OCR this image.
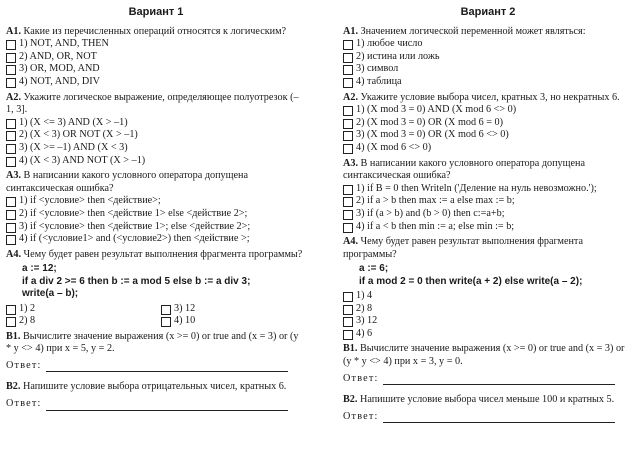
Вариант 1
А1. Какие из перечисленных операций относятся к логическим?
1) NOT, AND, THEN
2) AND, OR, NOT
3) OR, MOD, AND
4) NOT, AND, DIV
А2. Укажите логическое выражение, определяющее полуотрезок (–1, 3].
1) (X <= 3) AND (X > –1)
2) (X < 3) OR NOT (X > –1)
3) (X >= –1) AND (X < 3)
4) (X < 3) AND NOT (X > –1)
А3. В написании какого условного оператора допущена синтаксическая ошибка?
1) if <условие> then <действие>;
2) if <условие> then <действие 1> else <действие 2>;
3) if <условие> then <действие 1>; else <действие 2>;
4) if (<условие1> and (<условие2>) then <действие >;
А4. Чему будет равен результат выполнения фрагмента программы?
a := 12;
if a div 2 >= 6 then b := a mod 5 else b := a div 3;
write(a – b);
1) 2	3) 12
2) 8	4) 10
В1. Вычислите значение выражения (x >= 0) or true and (x = 3) or (y * y <> 4) при x = 5, y = 2.
Ответ:
В2. Напишите условие выбора отрицательных чисел, кратных 6.
Ответ:
Вариант 2
А1. Значением логической переменной может являться:
1) любое число
2) истина или ложь
3) символ
4) таблица
А2. Укажите условие выбора чисел, кратных 3, но некратных 6.
1) (X mod 3 = 0) AND (X mod 6 <> 0)
2) (X mod 3 = 0) OR (X mod 6 = 0)
3) (X mod 3 = 0) OR (X mod 6 <> 0)
4) (X mod 6 <> 0)
А3. В написании какого условного оператора допущена синтаксическая ошибка?
1) if B = 0 then Writeln ('Деление на нуль невозможно.');
2) if a > b then max := a else max := b;
3) if (a > b) and (b > 0) then c:=a+b;
4) if a < b then min := a; else min := b;
А4. Чему будет равен результат выполнения фрагмента программы?
a := 6;
if a mod 2 = 0 then write(a + 2) else write(a – 2);
1) 4
2) 8
3) 12
4) 6
В1. Вычислите значение выражения (x >= 0) or true and (x = 3) or (y * y <> 4) при x = 3, y = 0.
Ответ:
В2. Напишите условие выбора чисел меньше 100 и кратных 5.
Ответ:
